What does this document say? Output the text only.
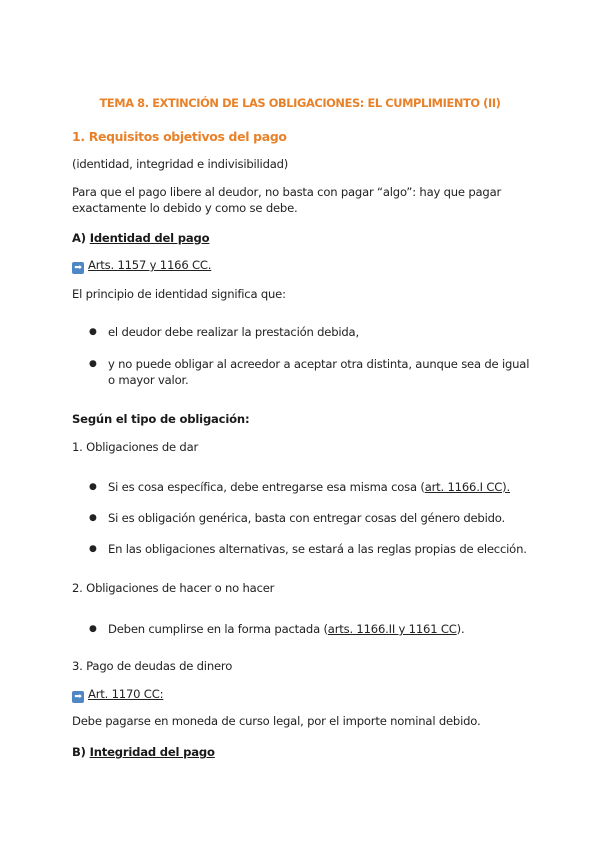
TEMA 8. EXTINCIÓN DE LAS OBLIGACIONES: EL CUMPLIMIENTO (II)
1. Requisitos objetivos del pago
(identidad, integridad e indivisibilidad)
Para que el pago libere al deudor, no basta con pagar “algo”: hay que pagar
exactamente lo debido y como se debe.
A) Identidad del pago
➡ Arts. 1157 y 1166 CC.
El principio de identidad significa que:
● el deudor debe realizar la prestación debida,
● y no puede obligar al acreedor a aceptar otra distinta, aunque sea de igual
o mayor valor.
Según el tipo de obligación:
1. Obligaciones de dar
● Si es cosa específica, debe entregarse esa misma cosa (art. 1166.I CC).
● Si es obligación genérica, basta con entregar cosas del género debido.
● En las obligaciones alternativas, se estará a las reglas propias de elección.
2. Obligaciones de hacer o no hacer
● Deben cumplirse en la forma pactada (arts. 1166.II y 1161 CC).
3. Pago de deudas de dinero
➡ Art. 1170 CC:
Debe pagarse en moneda de curso legal, por el importe nominal debido.
B) Integridad del pago
